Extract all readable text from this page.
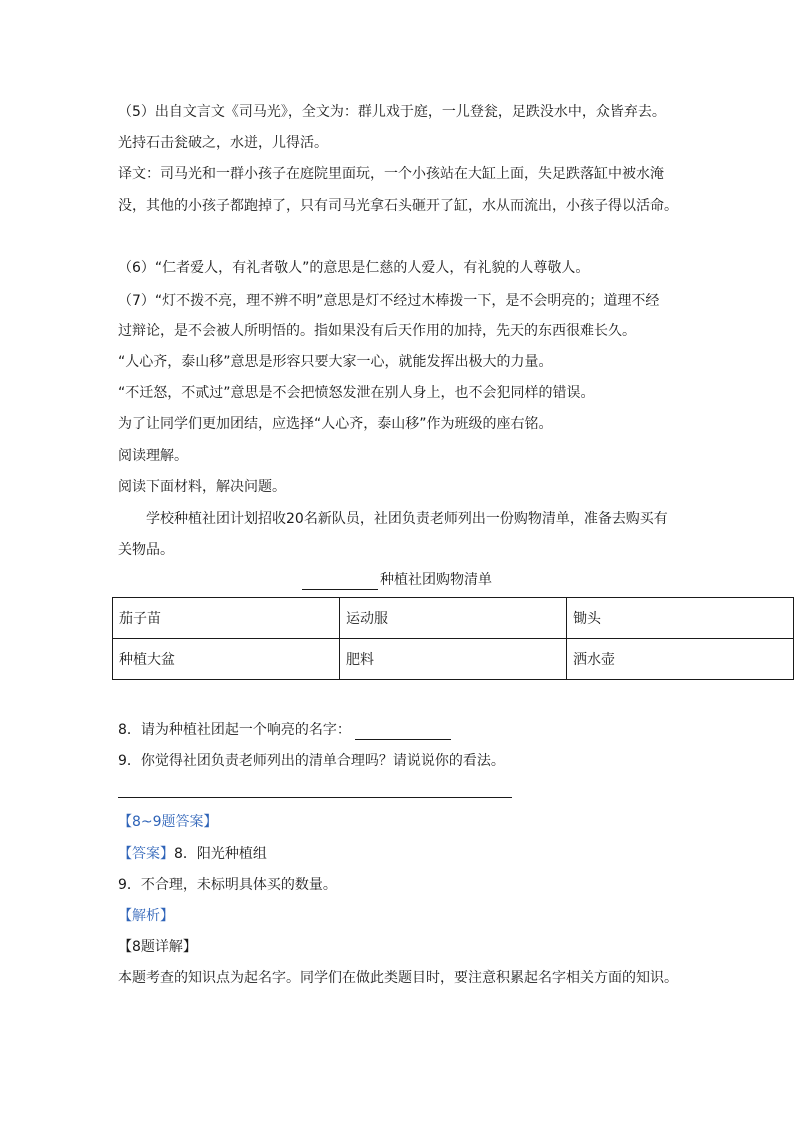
（5）出自文言文《司马光》，全文为：群儿戏于庭，一儿登瓮，足跌没水中，众皆弃去。
光持石击瓮破之，水迸，儿得活。
译文：司马光和一群小孩子在庭院里面玩，一个小孩站在大缸上面，失足跌落缸中被水淹
没，其他的小孩子都跑掉了，只有司马光拿石头砸开了缸，水从而流出，小孩子得以活命。
（6）“仁者爱人，有礼者敬人”的意思是仁慈的人爱人，有礼貌的人尊敬人。
（7）“灯不拨不亮，理不辨不明”意思是灯不经过木棒拨一下，是不会明亮的；道理不经
过辩论，是不会被人所明悟的。指如果没有后天作用的加持，先天的东西很难长久。
“人心齐，泰山移”意思是形容只要大家一心，就能发挥出极大的力量。
“不迁怒，不贰过”意思是不会把愤怒发泄在别人身上，也不会犯同样的错误。
为了让同学们更加团结，应选择“人心齐，泰山移”作为班级的座右铭。
阅读理解。
阅读下面材料，解决问题。
学校种植社团计划招收20名新队员，社团负责老师列出一份购物清单，准备去购买有
关物品。
种植社团购物清单
茄子苗	运动服	锄头
种植大盆	肥料	洒水壶
8．请为种植社团起一个响亮的名字：
9．你觉得社团负责老师列出的清单合理吗？请说说你的看法。
【8~9题答案】
【答案】8．阳光种植组
9．不合理，未标明具体买的数量。
【解析】
【8题详解】
本题考查的知识点为起名字。同学们在做此类题目时，要注意积累起名字相关方面的知识。
